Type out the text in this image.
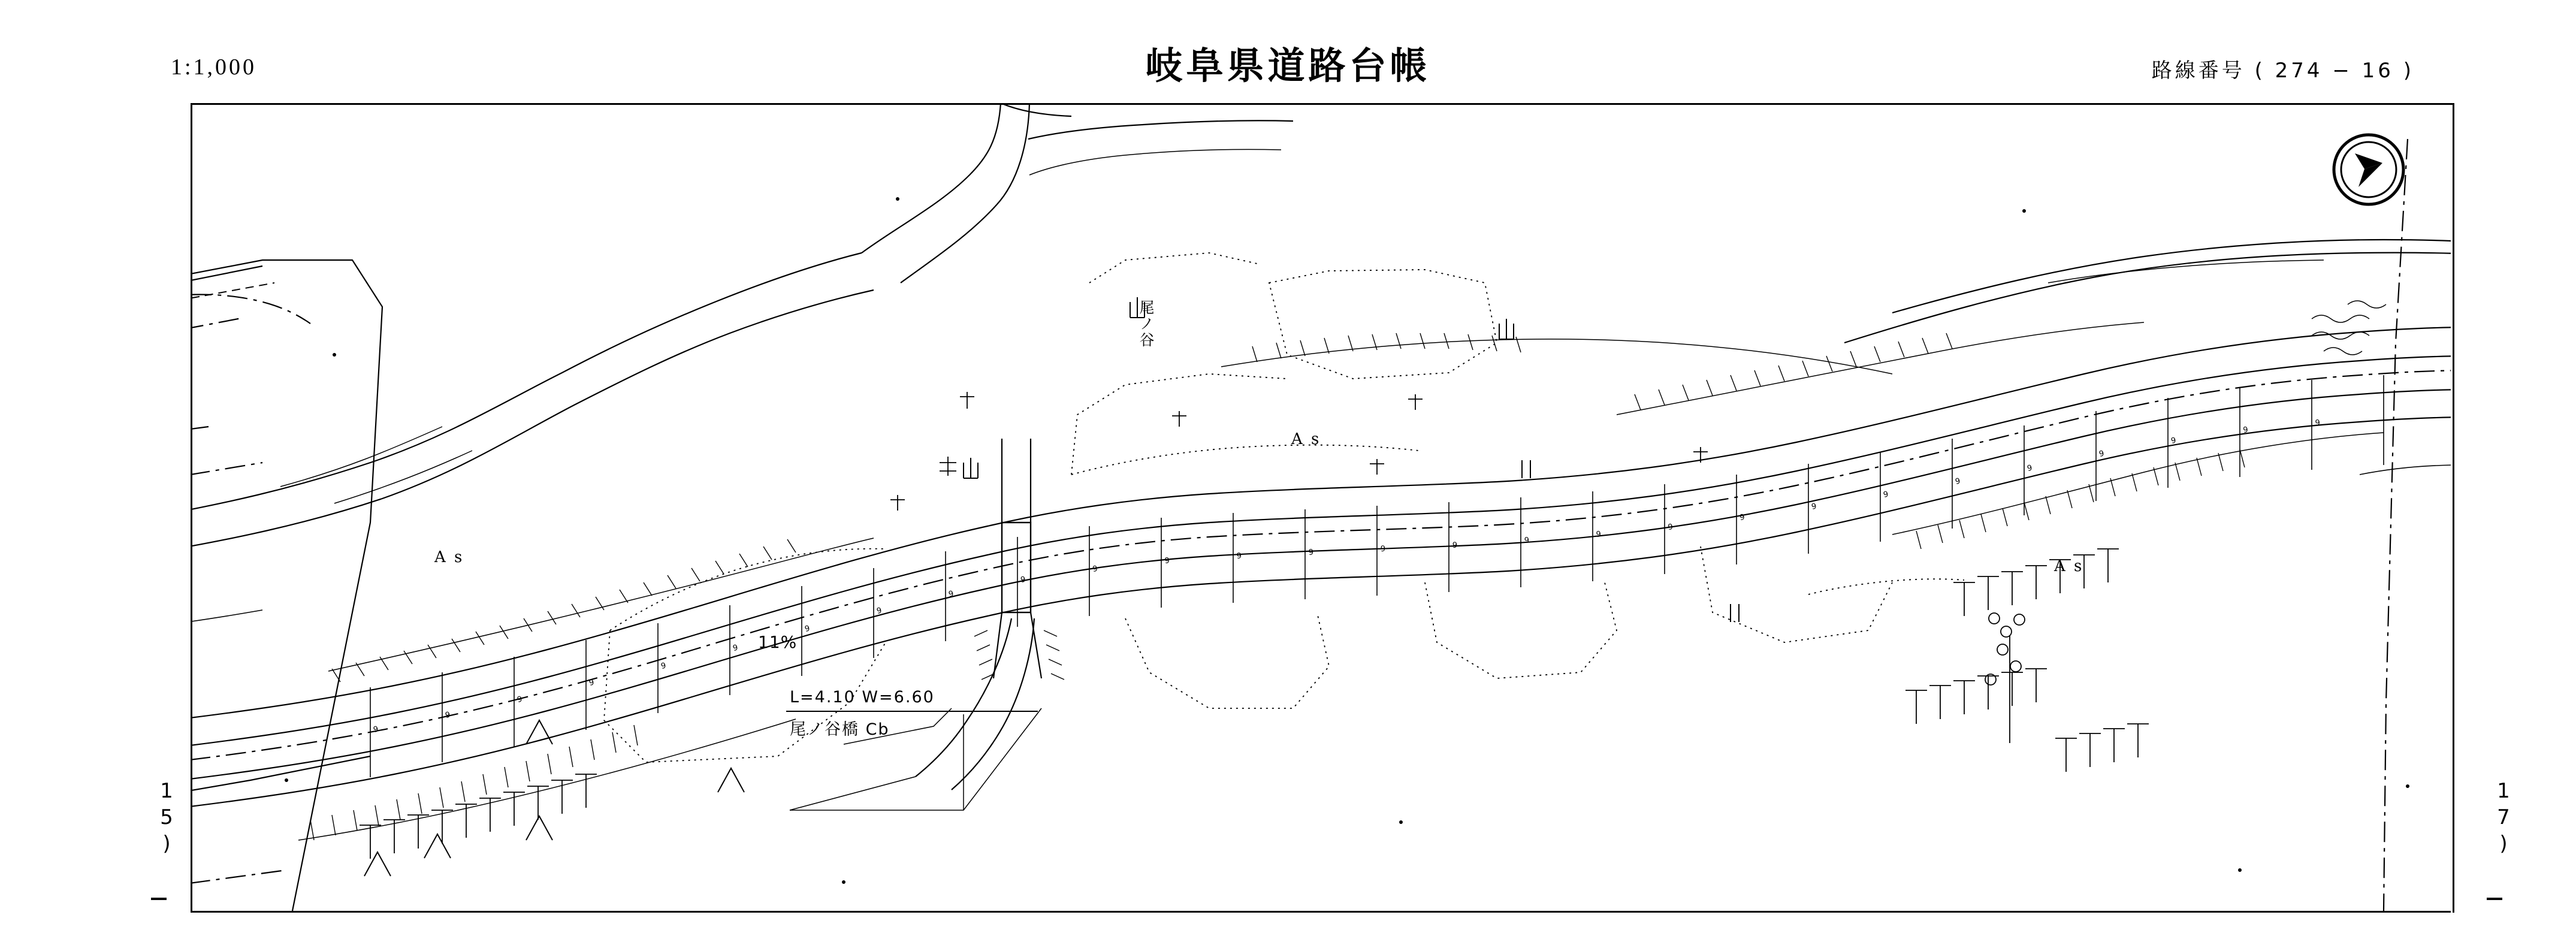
1:1,000	岐阜県道路台帳	路線番号 ( 274 − 16 )
15)	17)
9
9
9
9
9
9
9
9
9
9
9
9	9	9	9	9
9
9
9
9
9
9
9
9
9
9
9
9
11%
L=4.10 W=6.60
尾ノ谷橋 Cb
尾ノ谷
A s
A s
A s
